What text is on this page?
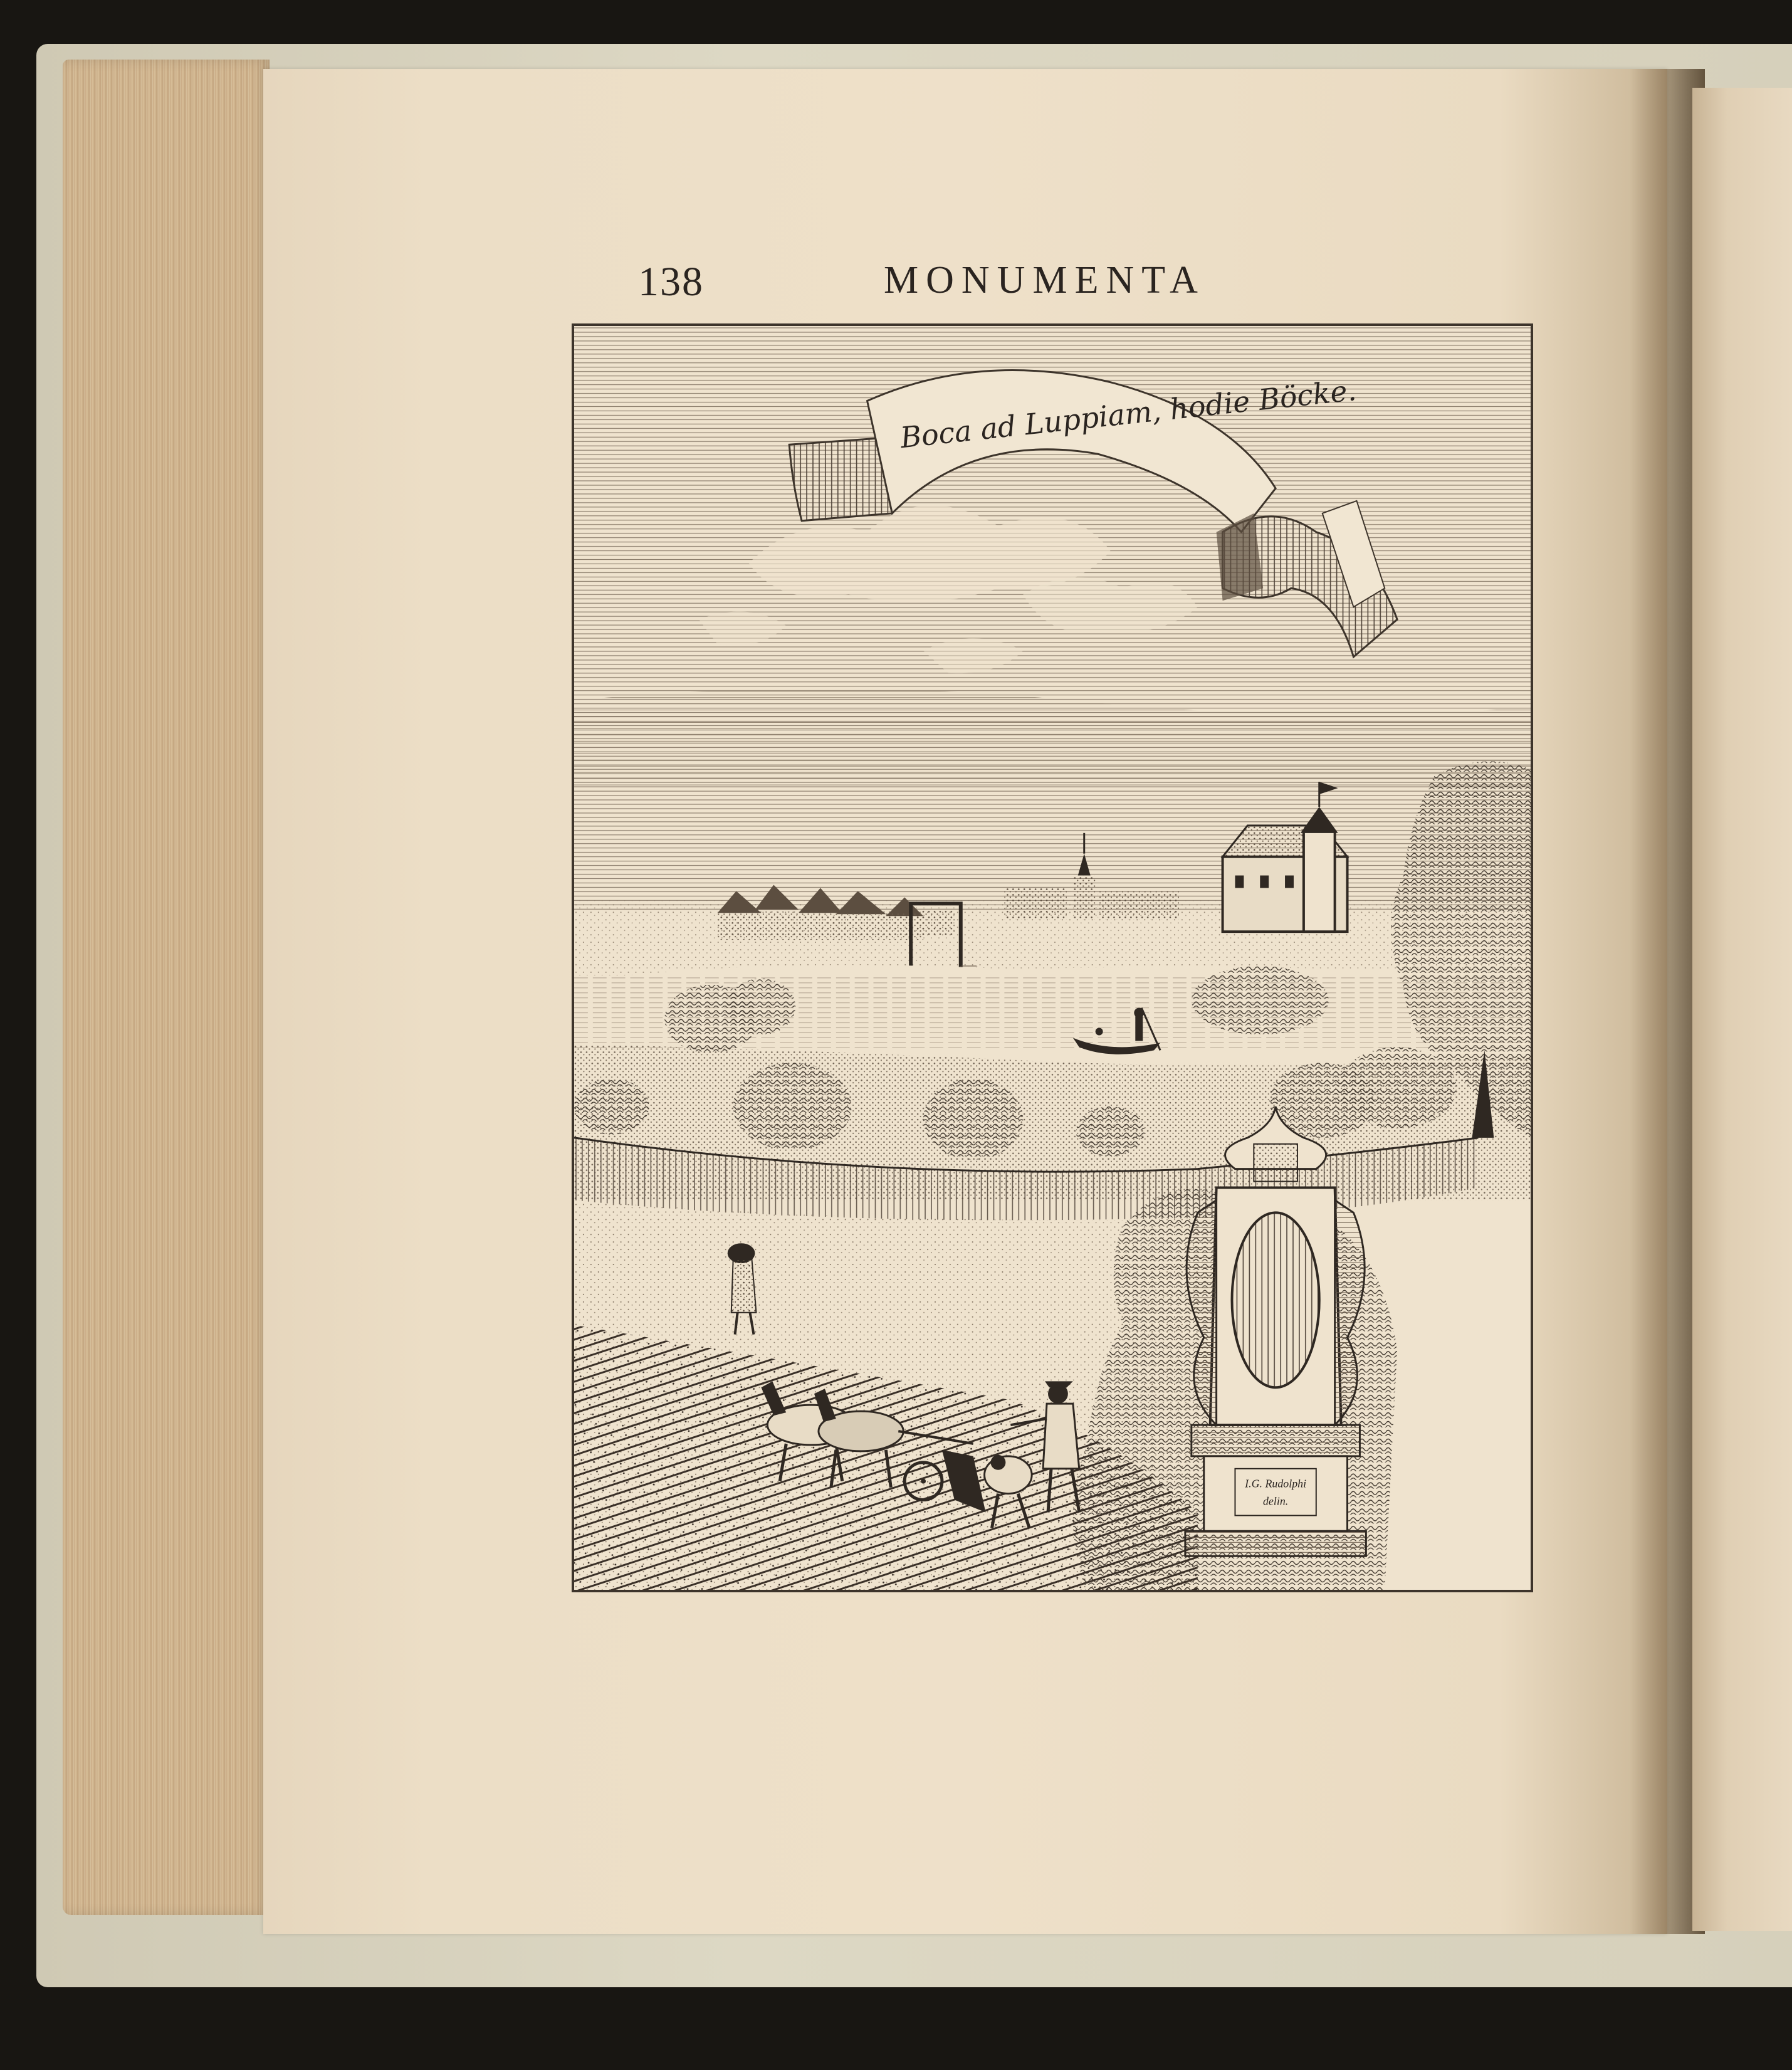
138	MONUMENTA
Boca ad Luppiam, hodie Böcke.
I.G. Rudolphi
delin.
